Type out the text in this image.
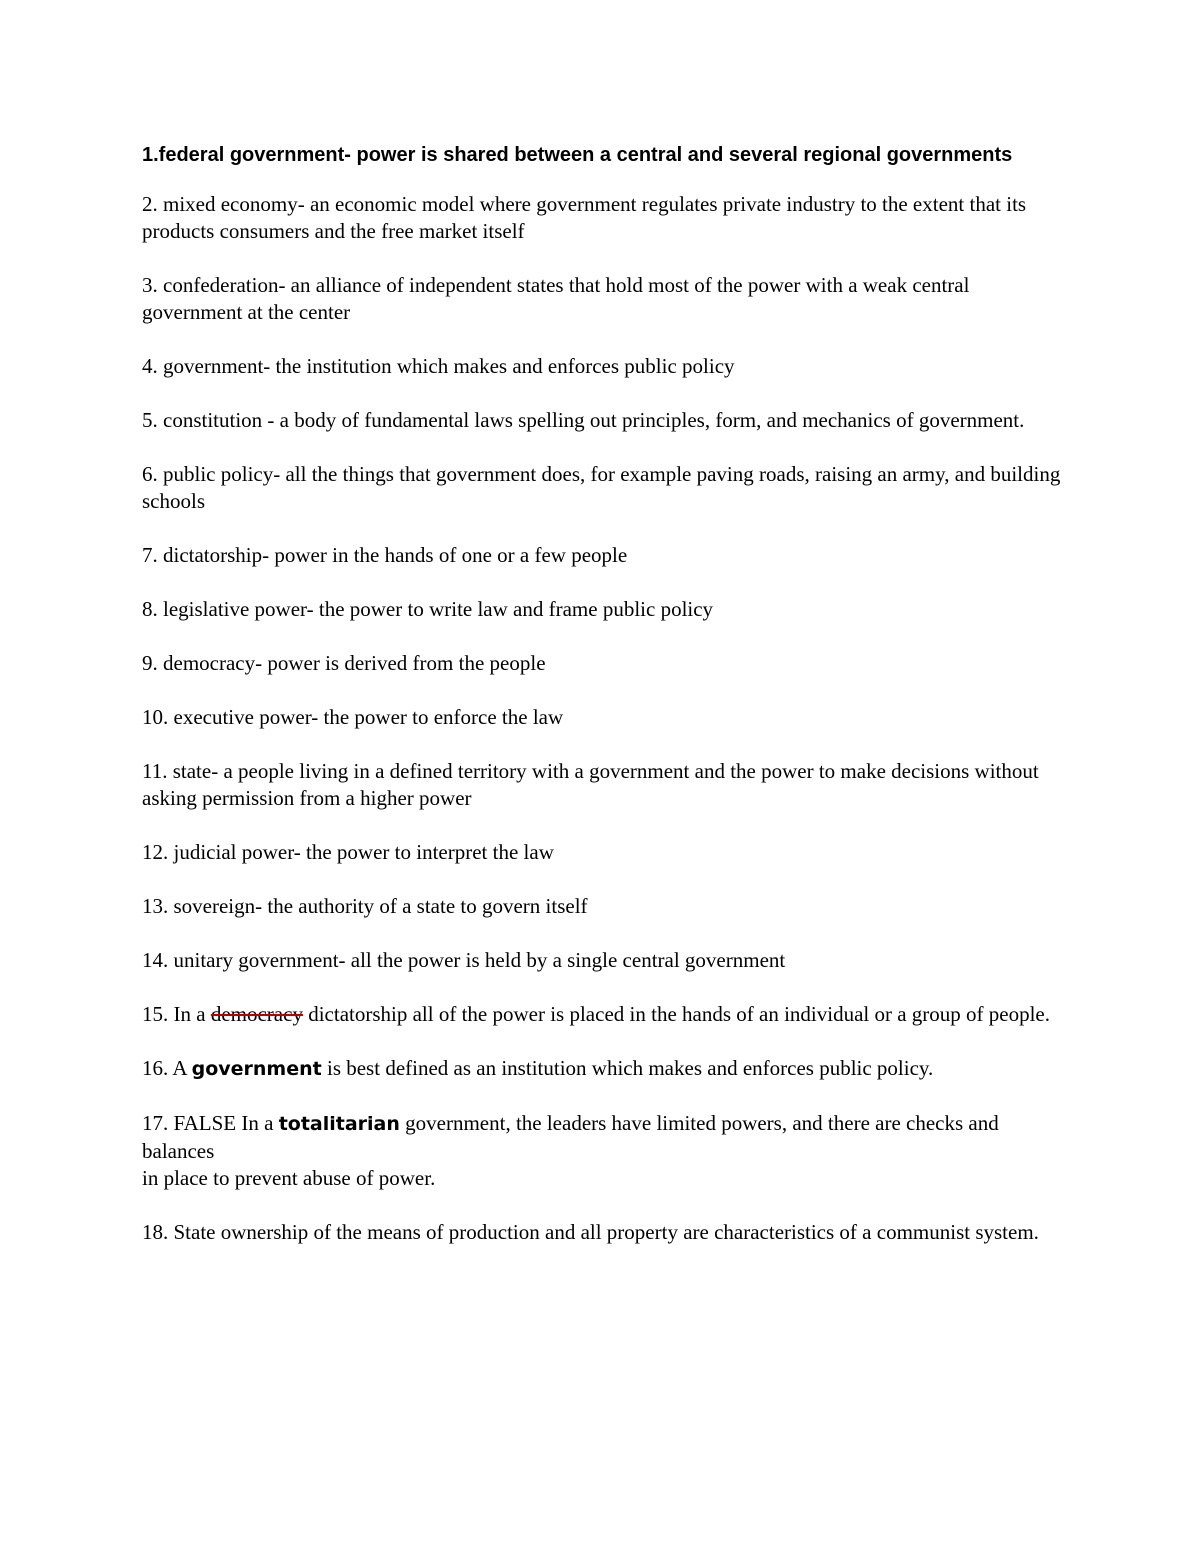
1.federal government- power is shared between a central and several regional governments

2. mixed economy- an economic model where government regulates private industry to the extent that its products consumers and the free market itself

3. confederation- an alliance of independent states that hold most of the power with a weak central government at the center

4. government- the institution which makes and enforces public policy

5. constitution - a body of fundamental laws spelling out principles, form, and mechanics of government.

6. public policy- all the things that government does, for example paving roads, raising an army, and building schools

7. dictatorship- power in the hands of one or a few people

8. legislative power- the power to write law and frame public policy

9. democracy- power is derived from the people

10. executive power- the power to enforce the law

11. state- a people living in a defined territory with a government and the power to make decisions without asking permission from a higher power

12. judicial power- the power to interpret the law

13. sovereign- the authority of a state to govern itself

14. unitary government- all the power is held by a single central government

15. In a democracy dictatorship all of the power is placed in the hands of an individual or a group of people.

16. A government is best defined as an institution which makes and enforces public policy.

17. FALSE In a totalitarian government, the leaders have limited powers, and there are checks and balances
in place to prevent abuse of power.

18. State ownership of the means of production and all property are characteristics of a communist system.
